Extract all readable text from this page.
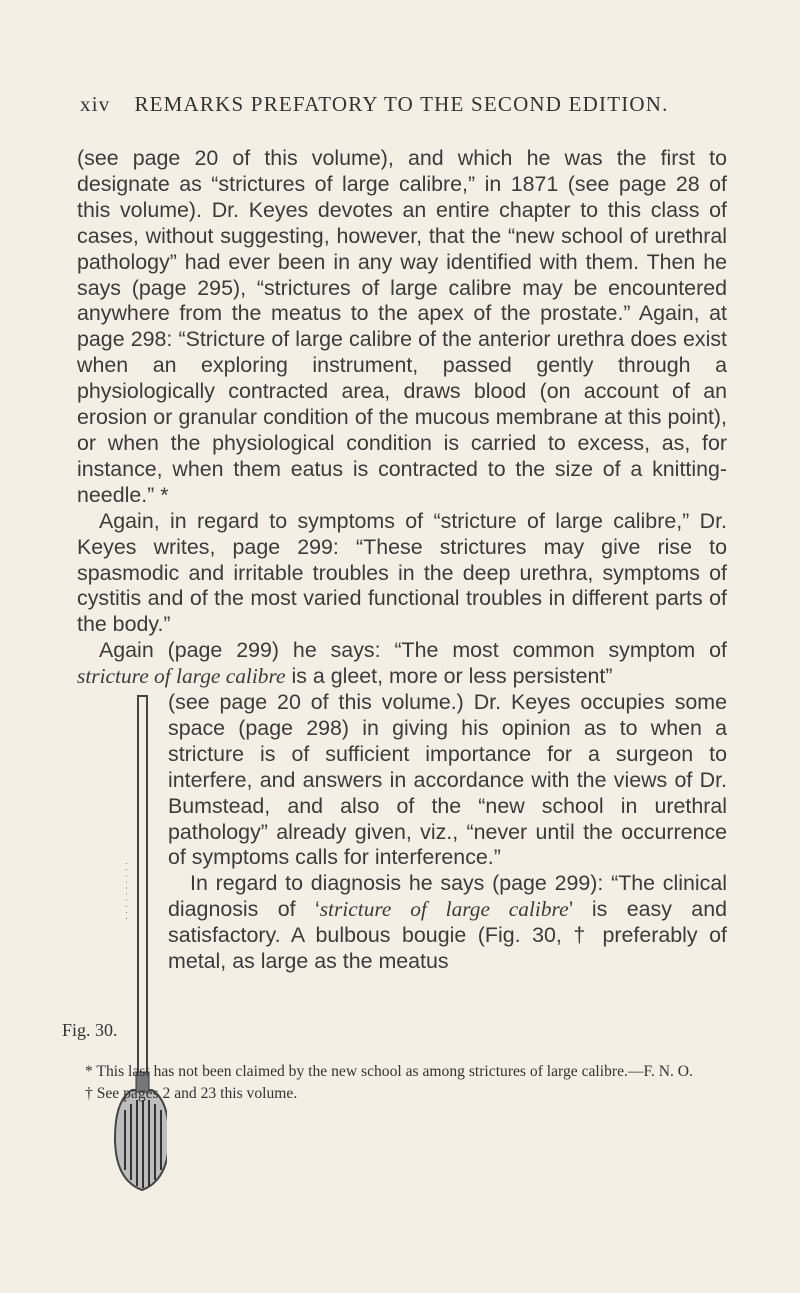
xiv REMARKS PREFATORY TO THE SECOND EDITION.

(see page 20 of this volume), and which he was the first to designate as “strictures of large calibre,” in 1871 (see page 28 of this volume). Dr. Keyes devotes an entire chapter to this class of cases, without suggesting, however, that the “new school of urethral pathology” had ever been in any way identified with them. Then he says (page 295), “strictures of large calibre may be encountered anywhere from the meatus to the apex of the prostate.” Again, at page 298: “Stricture of large calibre of the anterior urethra does exist when an exploring instrument, passed gently through a physiologically contracted area, draws blood (on account of an erosion or granular condition of the mucous membrane at this point), or when the physiological condition is carried to excess, as, for instance, when them eatus is contracted to the size of a knitting-needle.” *

Again, in regard to symptoms of “stricture of large calibre,” Dr. Keyes writes, page 299: “These strictures may give rise to spasmodic and irritable troubles in the deep urethra, symptoms of cystitis and of the most varied functional troubles in different parts of the body.”

Again (page 299) he says: “The most common symptom of stricture of large calibre is a gleet, more or less persistent”

· · · · · · · · · ·

(see page 20 of this volume.) Dr. Keyes occupies some space (page 298) in giving his opinion as to when a stricture is of sufficient importance for a surgeon to interfere, and answers in accordance with the views of Dr. Bumstead, and also of the “new school in urethral pathology” already given, viz., “never until the occurrence of symptoms calls for interference.”

In regard to diagnosis he says (page 299): “The clinical diagnosis of ‘stricture of large calibre’ is easy and satisfactory. A bulbous bougie (Fig. 30, † preferably of metal, as large as the meatus

Fig. 30.

* This last has not been claimed by the new school as among strictures of large calibre.—F. N. O.

† See pages 2 and 23 this volume.
